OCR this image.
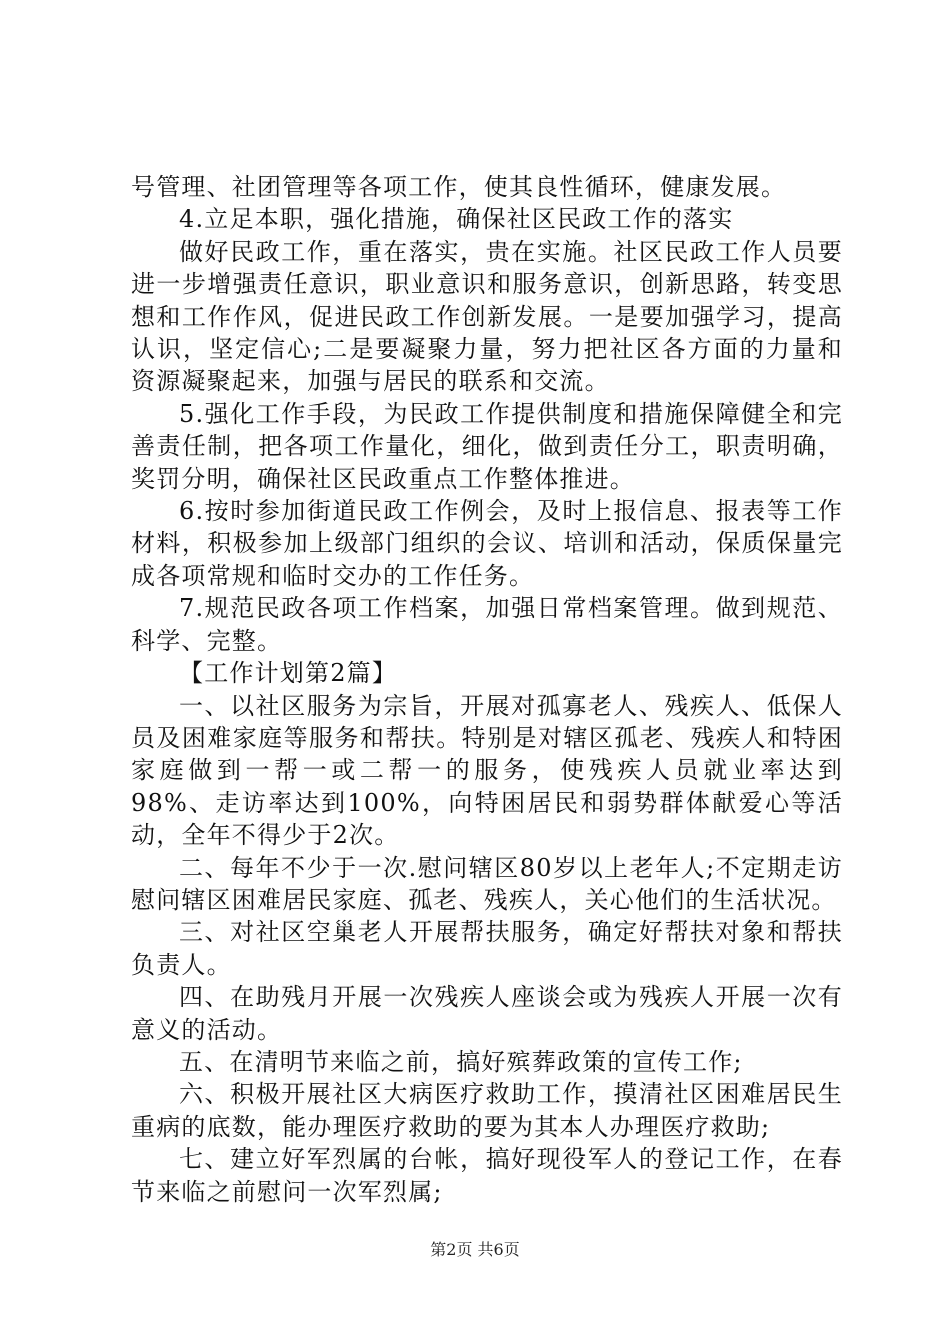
号管理、社团管理等各项工作，使其良性循环，健康发展。

4.立足本职，强化措施，确保社区民政工作的落实

做好民政工作，重在落实，贵在实施。社区民政工作人员要进一步增强责任意识，职业意识和服务意识，创新思路，转变思想和工作作风，促进民政工作创新发展。一是要加强学习，提高认识，坚定信心;二是要凝聚力量，努力把社区各方面的力量和资源凝聚起来，加强与居民的联系和交流。

5.强化工作手段，为民政工作提供制度和措施保障健全和完善责任制，把各项工作量化，细化，做到责任分工，职责明确，奖罚分明，确保社区民政重点工作整体推进。

6.按时参加街道民政工作例会，及时上报信息、报表等工作材料，积极参加上级部门组织的会议、培训和活动，保质保量完成各项常规和临时交办的工作任务。

7.规范民政各项工作档案，加强日常档案管理。做到规范、科学、完整。

【工作计划第2篇】

一、以社区服务为宗旨，开展对孤寡老人、残疾人、低保人员及困难家庭等服务和帮扶。特别是对辖区孤老、残疾人和特困家庭做到一帮一或二帮一的服务，使残疾人员就业率达到98%、走访率达到100%，向特困居民和弱势群体献爱心等活动，全年不得少于2次。

二、每年不少于一次.慰问辖区80岁以上老年人;不定期走访慰问辖区困难居民家庭、孤老、残疾人，关心他们的生活状况。

三、对社区空巢老人开展帮扶服务，确定好帮扶对象和帮扶负责人。

四、在助残月开展一次残疾人座谈会或为残疾人开展一次有意义的活动。

五、在清明节来临之前，搞好殡葬政策的宣传工作;

六、积极开展社区大病医疗救助工作，摸清社区困难居民生重病的底数，能办理医疗救助的要为其本人办理医疗救助;

七、建立好军烈属的台帐，搞好现役军人的登记工作，在春节来临之前慰问一次军烈属;

第2页 共6页
